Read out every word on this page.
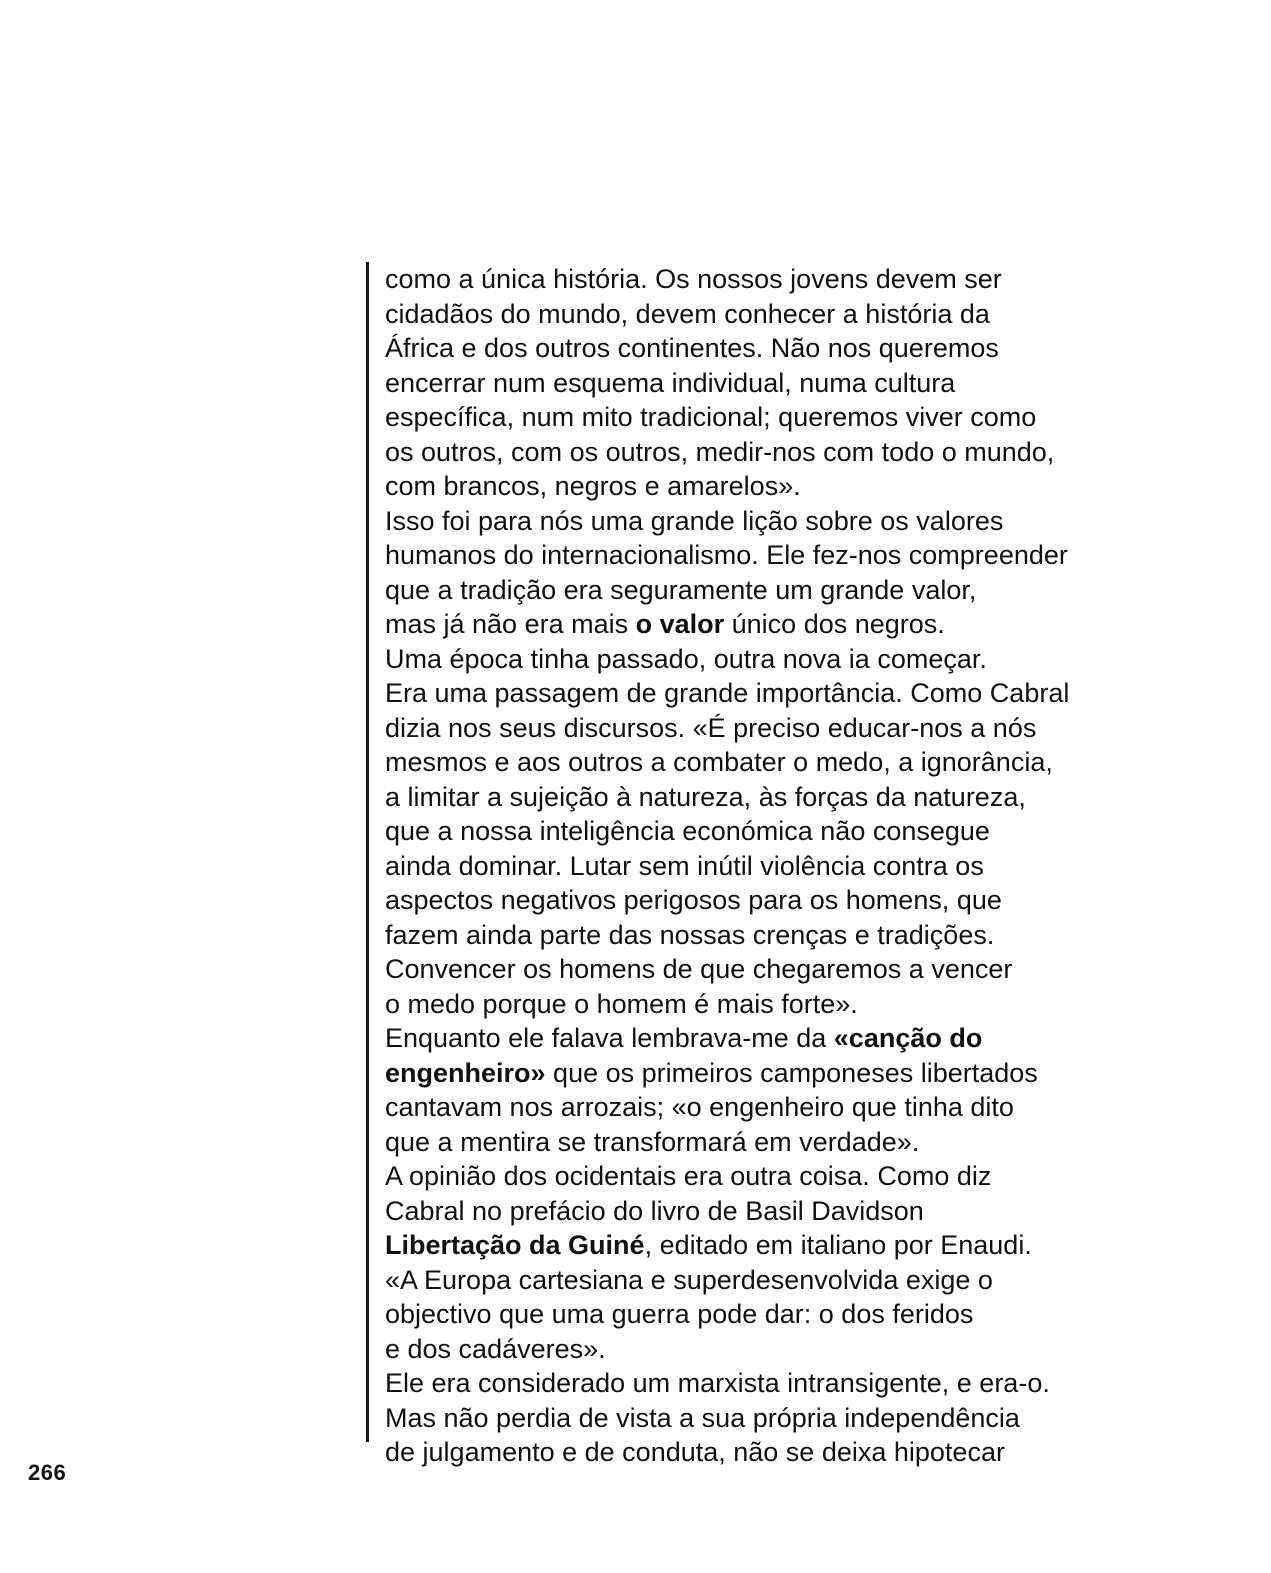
como a única história. Os nossos jovens devem ser
cidadãos do mundo, devem conhecer a história da
África e dos outros continentes. Não nos queremos
encerrar num esquema individual, numa cultura
específica, num mito tradicional; queremos viver como
os outros, com os outros, medir-nos com todo o mundo,
com brancos, negros e amarelos».
Isso foi para nós uma grande lição sobre os valores
humanos do internacionalismo. Ele fez-nos compreender
que a tradição era seguramente um grande valor,
mas já não era mais o valor único dos negros.
Uma época tinha passado, outra nova ia começar.
Era uma passagem de grande importância. Como Cabral
dizia nos seus discursos. «É preciso educar-nos a nós
mesmos e aos outros a combater o medo, a ignorância,
a limitar a sujeição à natureza, às forças da natureza,
que a nossa inteligência económica não consegue
ainda dominar. Lutar sem inútil violência contra os
aspectos negativos perigosos para os homens, que
fazem ainda parte das nossas crenças e tradições.
Convencer os homens de que chegaremos a vencer
o medo porque o homem é mais forte».
Enquanto ele falava lembrava-me da «canção do
engenheiro» que os primeiros camponeses libertados
cantavam nos arrozais; «o engenheiro que tinha dito
que a mentira se transformará em verdade».
A opinião dos ocidentais era outra coisa. Como diz
Cabral no prefácio do livro de Basil Davidson
Libertação da Guiné, editado em italiano por Enaudi.
«A Europa cartesiana e superdesenvolvida exige o
objectivo que uma guerra pode dar: o dos feridos
e dos cadáveres».
Ele era considerado um marxista intransigente, e era-o.
Mas não perdia de vista a sua própria independência
de julgamento e de conduta, não se deixa hipotecar
266
